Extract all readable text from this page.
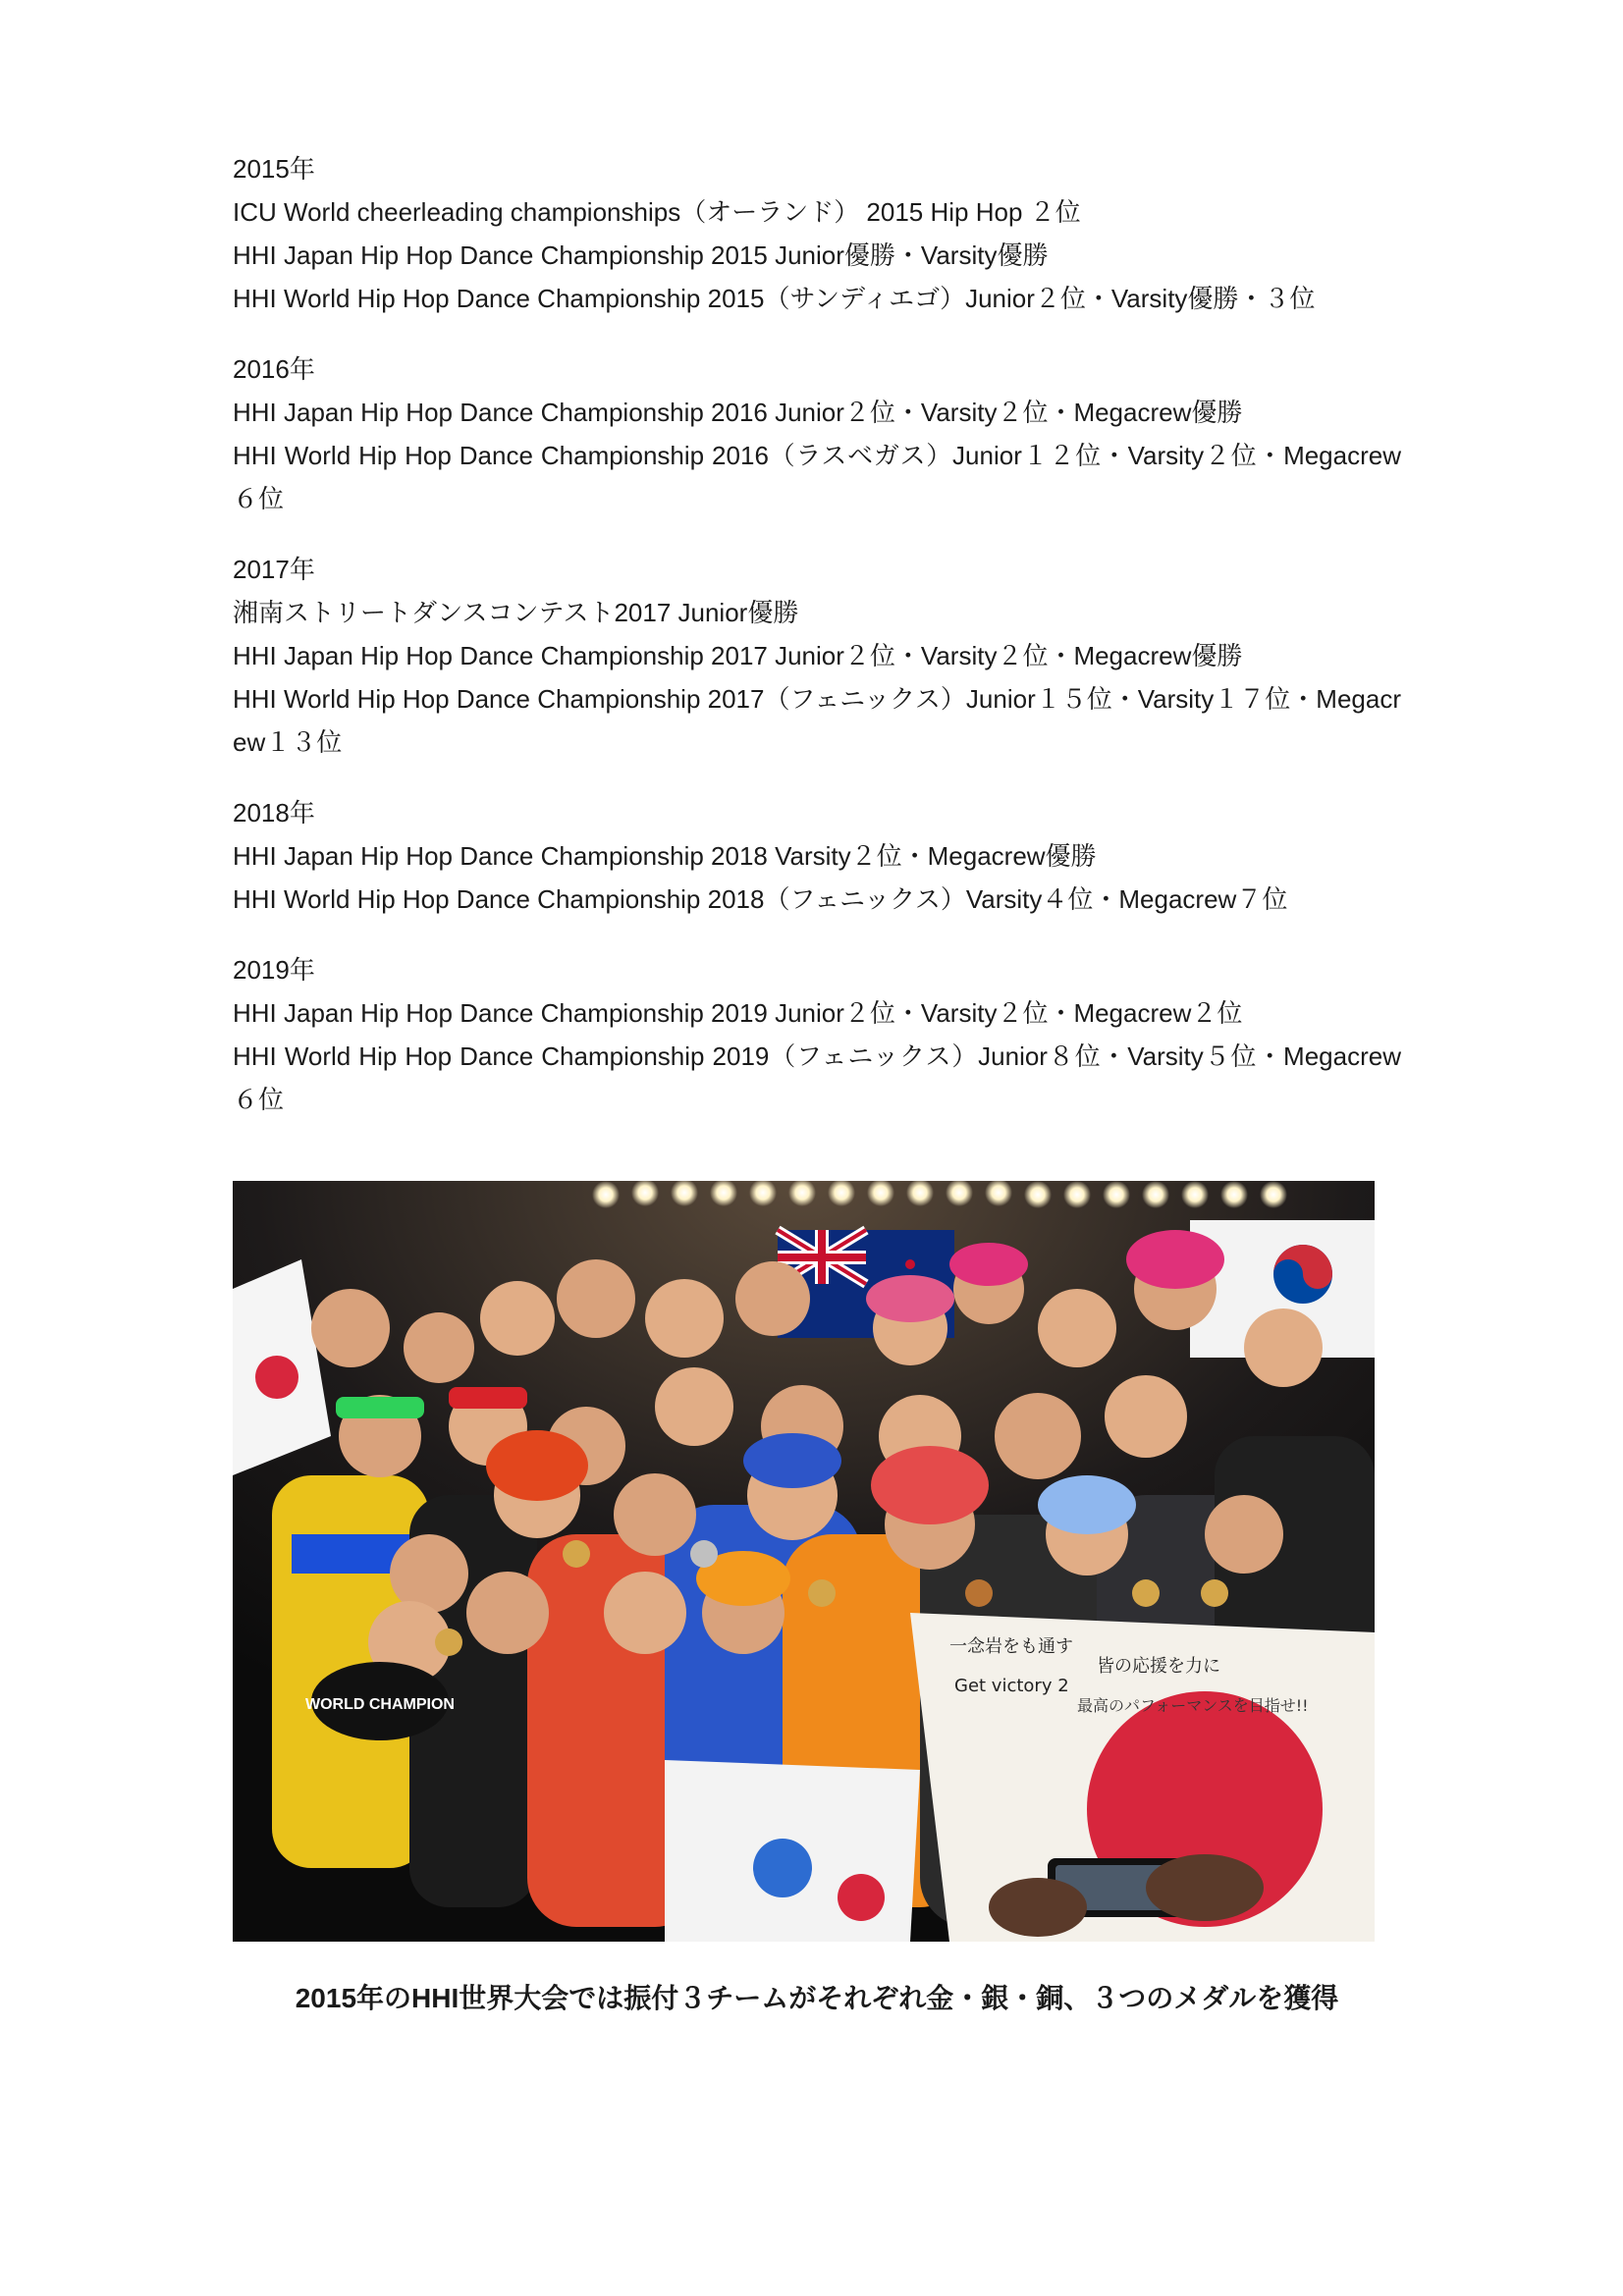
2015年
ICU World cheerleading championships（オーランド） 2015 Hip Hop ２位
HHI Japan Hip Hop Dance Championship 2015 Junior優勝・Varsity優勝
HHI World Hip Hop Dance Championship 2015（サンディエゴ）Junior２位・Varsity優勝・３位
2016年
HHI Japan Hip Hop Dance Championship 2016 Junior２位・Varsity２位・Megacrew優勝
HHI World Hip Hop Dance Championship 2016（ラスベガス）Junior１２位・Varsity２位・Megacrew６位
2017年
湘南ストリートダンスコンテスト2017 Junior優勝
HHI Japan Hip Hop Dance Championship 2017 Junior２位・Varsity２位・Megacrew優勝
HHI World Hip Hop Dance Championship 2017（フェニックス）Junior１５位・Varsity１７位・Megacrew１３位
2018年
HHI Japan Hip Hop Dance Championship 2018 Varsity２位・Megacrew優勝
HHI World Hip Hop Dance Championship 2018（フェニックス）Varsity４位・Megacrew７位
2019年
HHI Japan Hip Hop Dance Championship 2019 Junior２位・Varsity２位・Megacrew２位
HHI World Hip Hop Dance Championship 2019（フェニックス）Junior８位・Varsity５位・Megacrew６位
WORLD CHAMPION
一念岩をも通す
Get victory 2
皆の応援を力に
最高のパフォーマンスを目指せ!!
2015年のHHI世界大会では振付３チームがそれぞれ金・銀・銅、３つのメダルを獲得
